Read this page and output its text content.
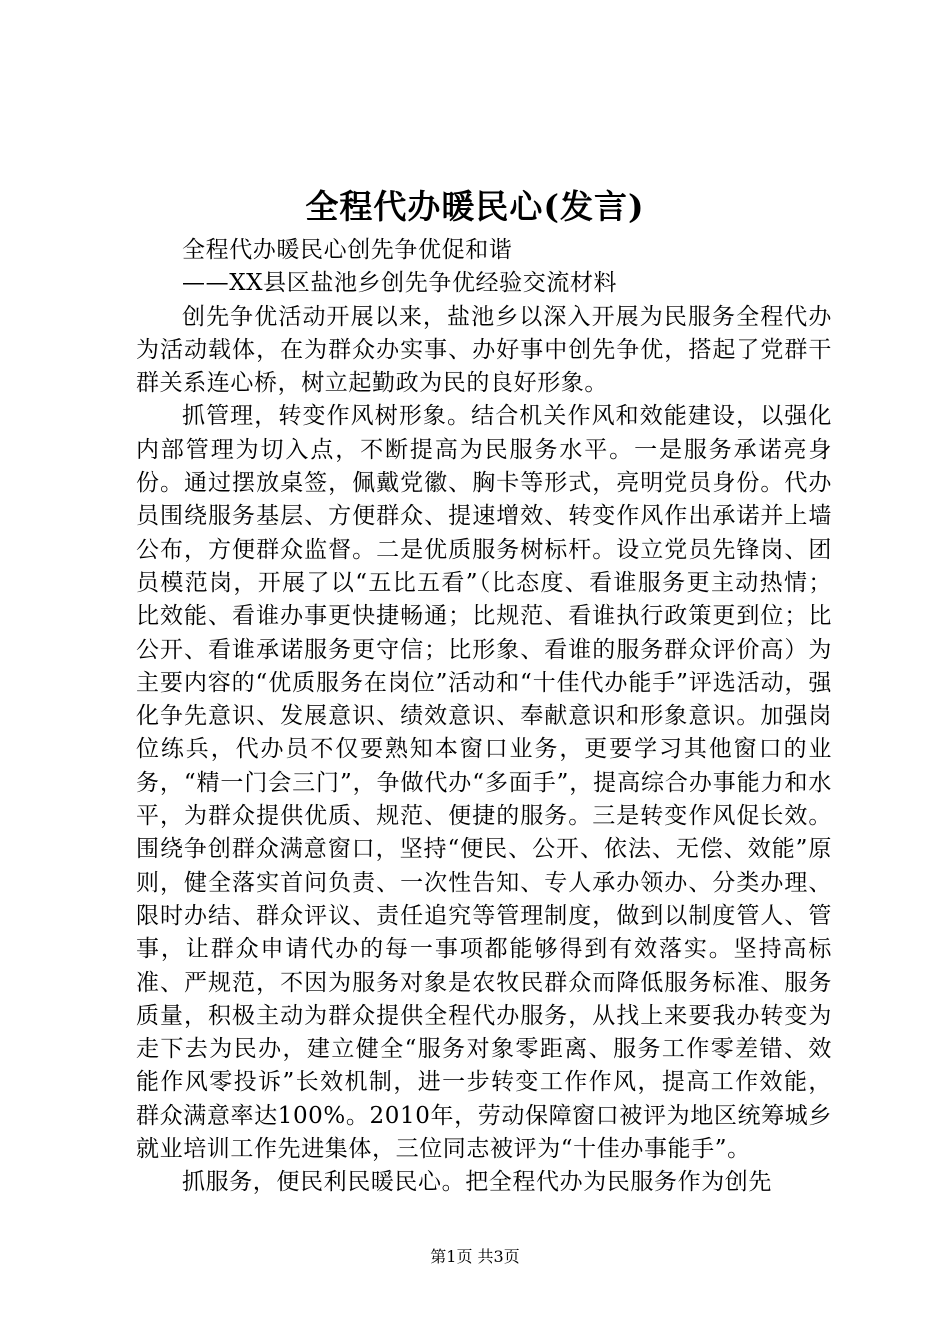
全程代办暖民心(发言)

全程代办暖民心创先争优促和谐

——XX县区盐池乡创先争优经验交流材料

创先争优活动开展以来，盐池乡以深入开展为民服务全程代办为活动载体，在为群众办实事、办好事中创先争优，搭起了党群干群关系连心桥，树立起勤政为民的良好形象。

抓管理，转变作风树形象。结合机关作风和效能建设，以强化内部管理为切入点，不断提高为民服务水平。一是服务承诺亮身份。通过摆放桌签，佩戴党徽、胸卡等形式，亮明党员身份。代办员围绕服务基层、方便群众、提速增效、转变作风作出承诺并上墙公布，方便群众监督。二是优质服务树标杆。设立党员先锋岗、团员模范岗，开展了以“五比五看”（比态度、看谁服务更主动热情；比效能、看谁办事更快捷畅通；比规范、看谁执行政策更到位；比公开、看谁承诺服务更守信；比形象、看谁的服务群众评价高）为主要内容的“优质服务在岗位”活动和“十佳代办能手”评选活动，强化争先意识、发展意识、绩效意识、奉献意识和形象意识。加强岗位练兵，代办员不仅要熟知本窗口业务，更要学习其他窗口的业务，“精一门会三门”，争做代办“多面手”，提高综合办事能力和水平，为群众提供优质、规范、便捷的服务。三是转变作风促长效。围绕争创群众满意窗口，坚持“便民、公开、依法、无偿、效能”原则，健全落实首问负责、一次性告知、专人承办领办、分类办理、限时办结、群众评议、责任追究等管理制度，做到以制度管人、管事，让群众申请代办的每一事项都能够得到有效落实。坚持高标准、严规范，不因为服务对象是农牧民群众而降低服务标准、服务质量，积极主动为群众提供全程代办服务，从找上来要我办转变为走下去为民办，建立健全“服务对象零距离、服务工作零差错、效能作风零投诉”长效机制，进一步转变工作作风，提高工作效能，群众满意率达100%。2010年，劳动保障窗口被评为地区统筹城乡就业培训工作先进集体，三位同志被评为“十佳办事能手”。

抓服务，便民利民暖民心。把全程代办为民服务作为创先

第1页 共3页
